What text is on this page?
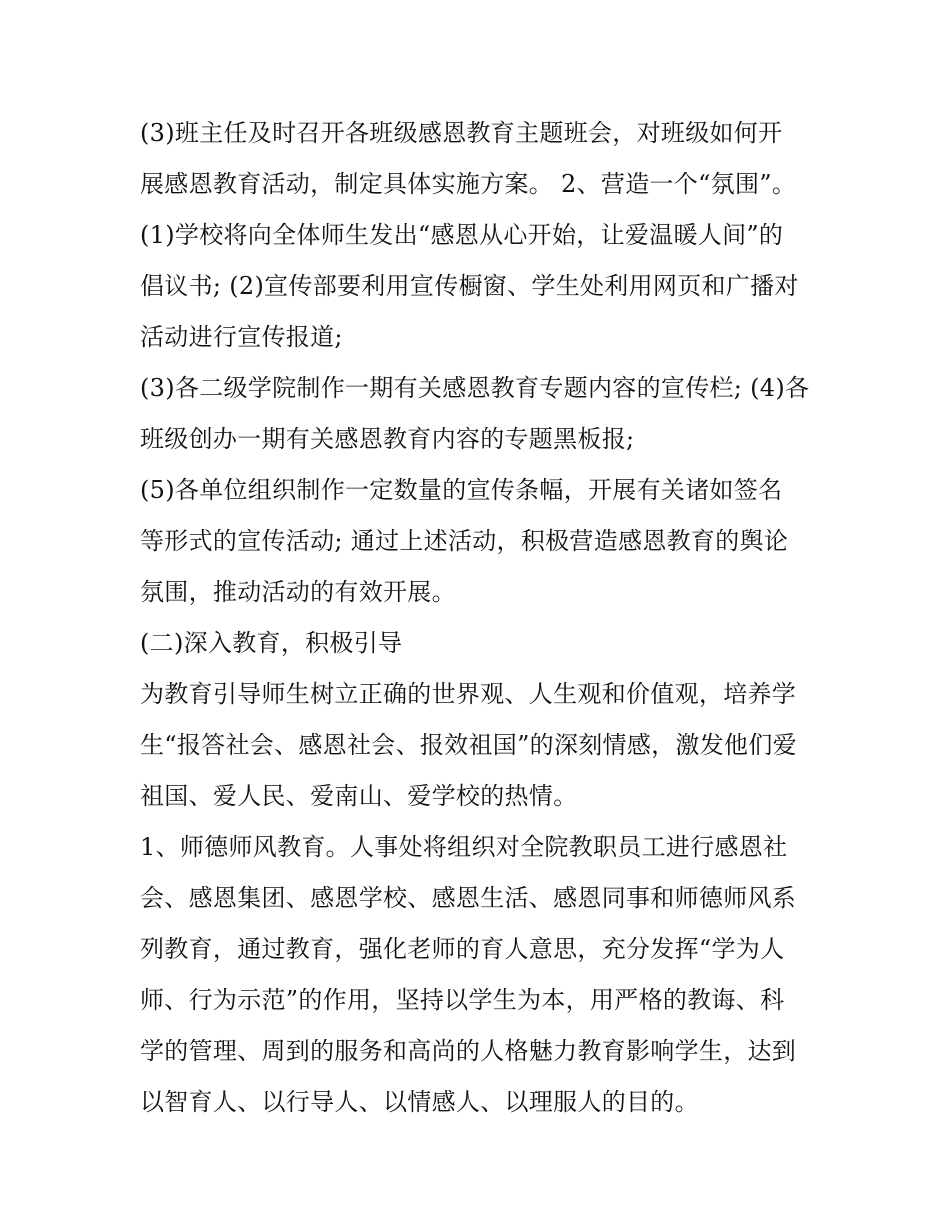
(3)班主任及时召开各班级感恩教育主题班会，对班级如何开
展感恩教育活动，制定具体实施方案。 2、营造一个“氛围”。
(1)学校将向全体师生发出“感恩从心开始，让爱温暖人间”的
倡议书; (2)宣传部要利用宣传橱窗、学生处利用网页和广播对
活动进行宣传报道;
(3)各二级学院制作一期有关感恩教育专题内容的宣传栏; (4)各
班级创办一期有关感恩教育内容的专题黑板报;
(5)各单位组织制作一定数量的宣传条幅，开展有关诸如签名
等形式的宣传活动; 通过上述活动，积极营造感恩教育的舆论
氛围，推动活动的有效开展。
(二)深入教育，积极引导
为教育引导师生树立正确的世界观、人生观和价值观，培养学
生“报答社会、感恩社会、报效祖国”的深刻情感，激发他们爱
祖国、爱人民、爱南山、爱学校的热情。
1、师德师风教育。人事处将组织对全院教职员工进行感恩社
会、感恩集团、感恩学校、感恩生活、感恩同事和师德师风系
列教育，通过教育，强化老师的育人意思，充分发挥“学为人
师、行为示范”的作用，坚持以学生为本，用严格的教诲、科
学的管理、周到的服务和高尚的人格魅力教育影响学生，达到
以智育人、以行导人、以情感人、以理服人的目的。
